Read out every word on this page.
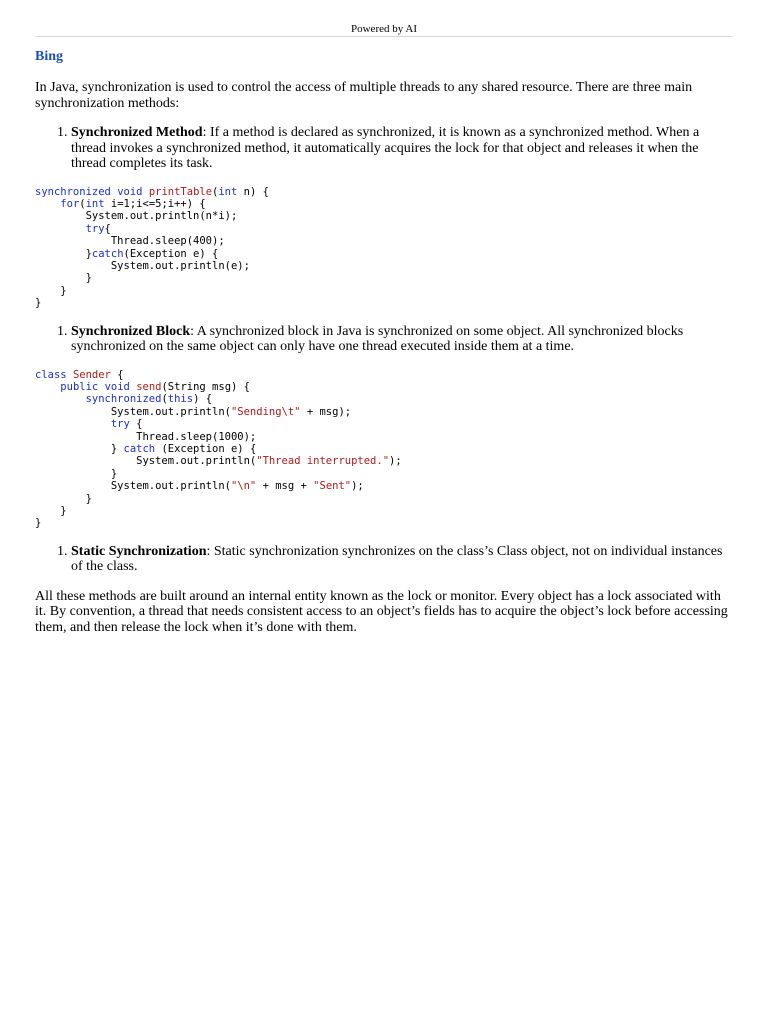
Powered by AI
Bing

In Java, synchronization is used to control the access of multiple threads to any shared resource. There are three main synchronization methods:

1. Synchronized Method: If a method is declared as synchronized, it is known as a synchronized method. When a thread invokes a synchronized method, it automatically acquires the lock for that object and releases it when the thread completes its task.
synchronized void printTable(int n) {
for(int i=1;i<=5;i++) {
System.out.println(n*i);
try{
Thread.sleep(400);
}catch(Exception e) {
System.out.println(e);
}
}
}
1. Synchronized Block: A synchronized block in Java is synchronized on some object. All synchronized blocks synchronized on the same object can only have one thread executed inside them at a time.
class Sender {
public void send(String msg) {
synchronized(this) {
System.out.println("Sending\t" + msg);
try {
Thread.sleep(1000);
} catch (Exception e) {
System.out.println("Thread interrupted.");
}
System.out.println("\n" + msg + "Sent");
}
}
}
1. Static Synchronization: Static synchronization synchronizes on the class’s Class object, not on individual instances of the class.

All these methods are built around an internal entity known as the lock or monitor. Every object has a lock associated with it. By convention, a thread that needs consistent access to an object’s fields has to acquire the object’s lock before accessing them, and then release the lock when it’s done with them.
